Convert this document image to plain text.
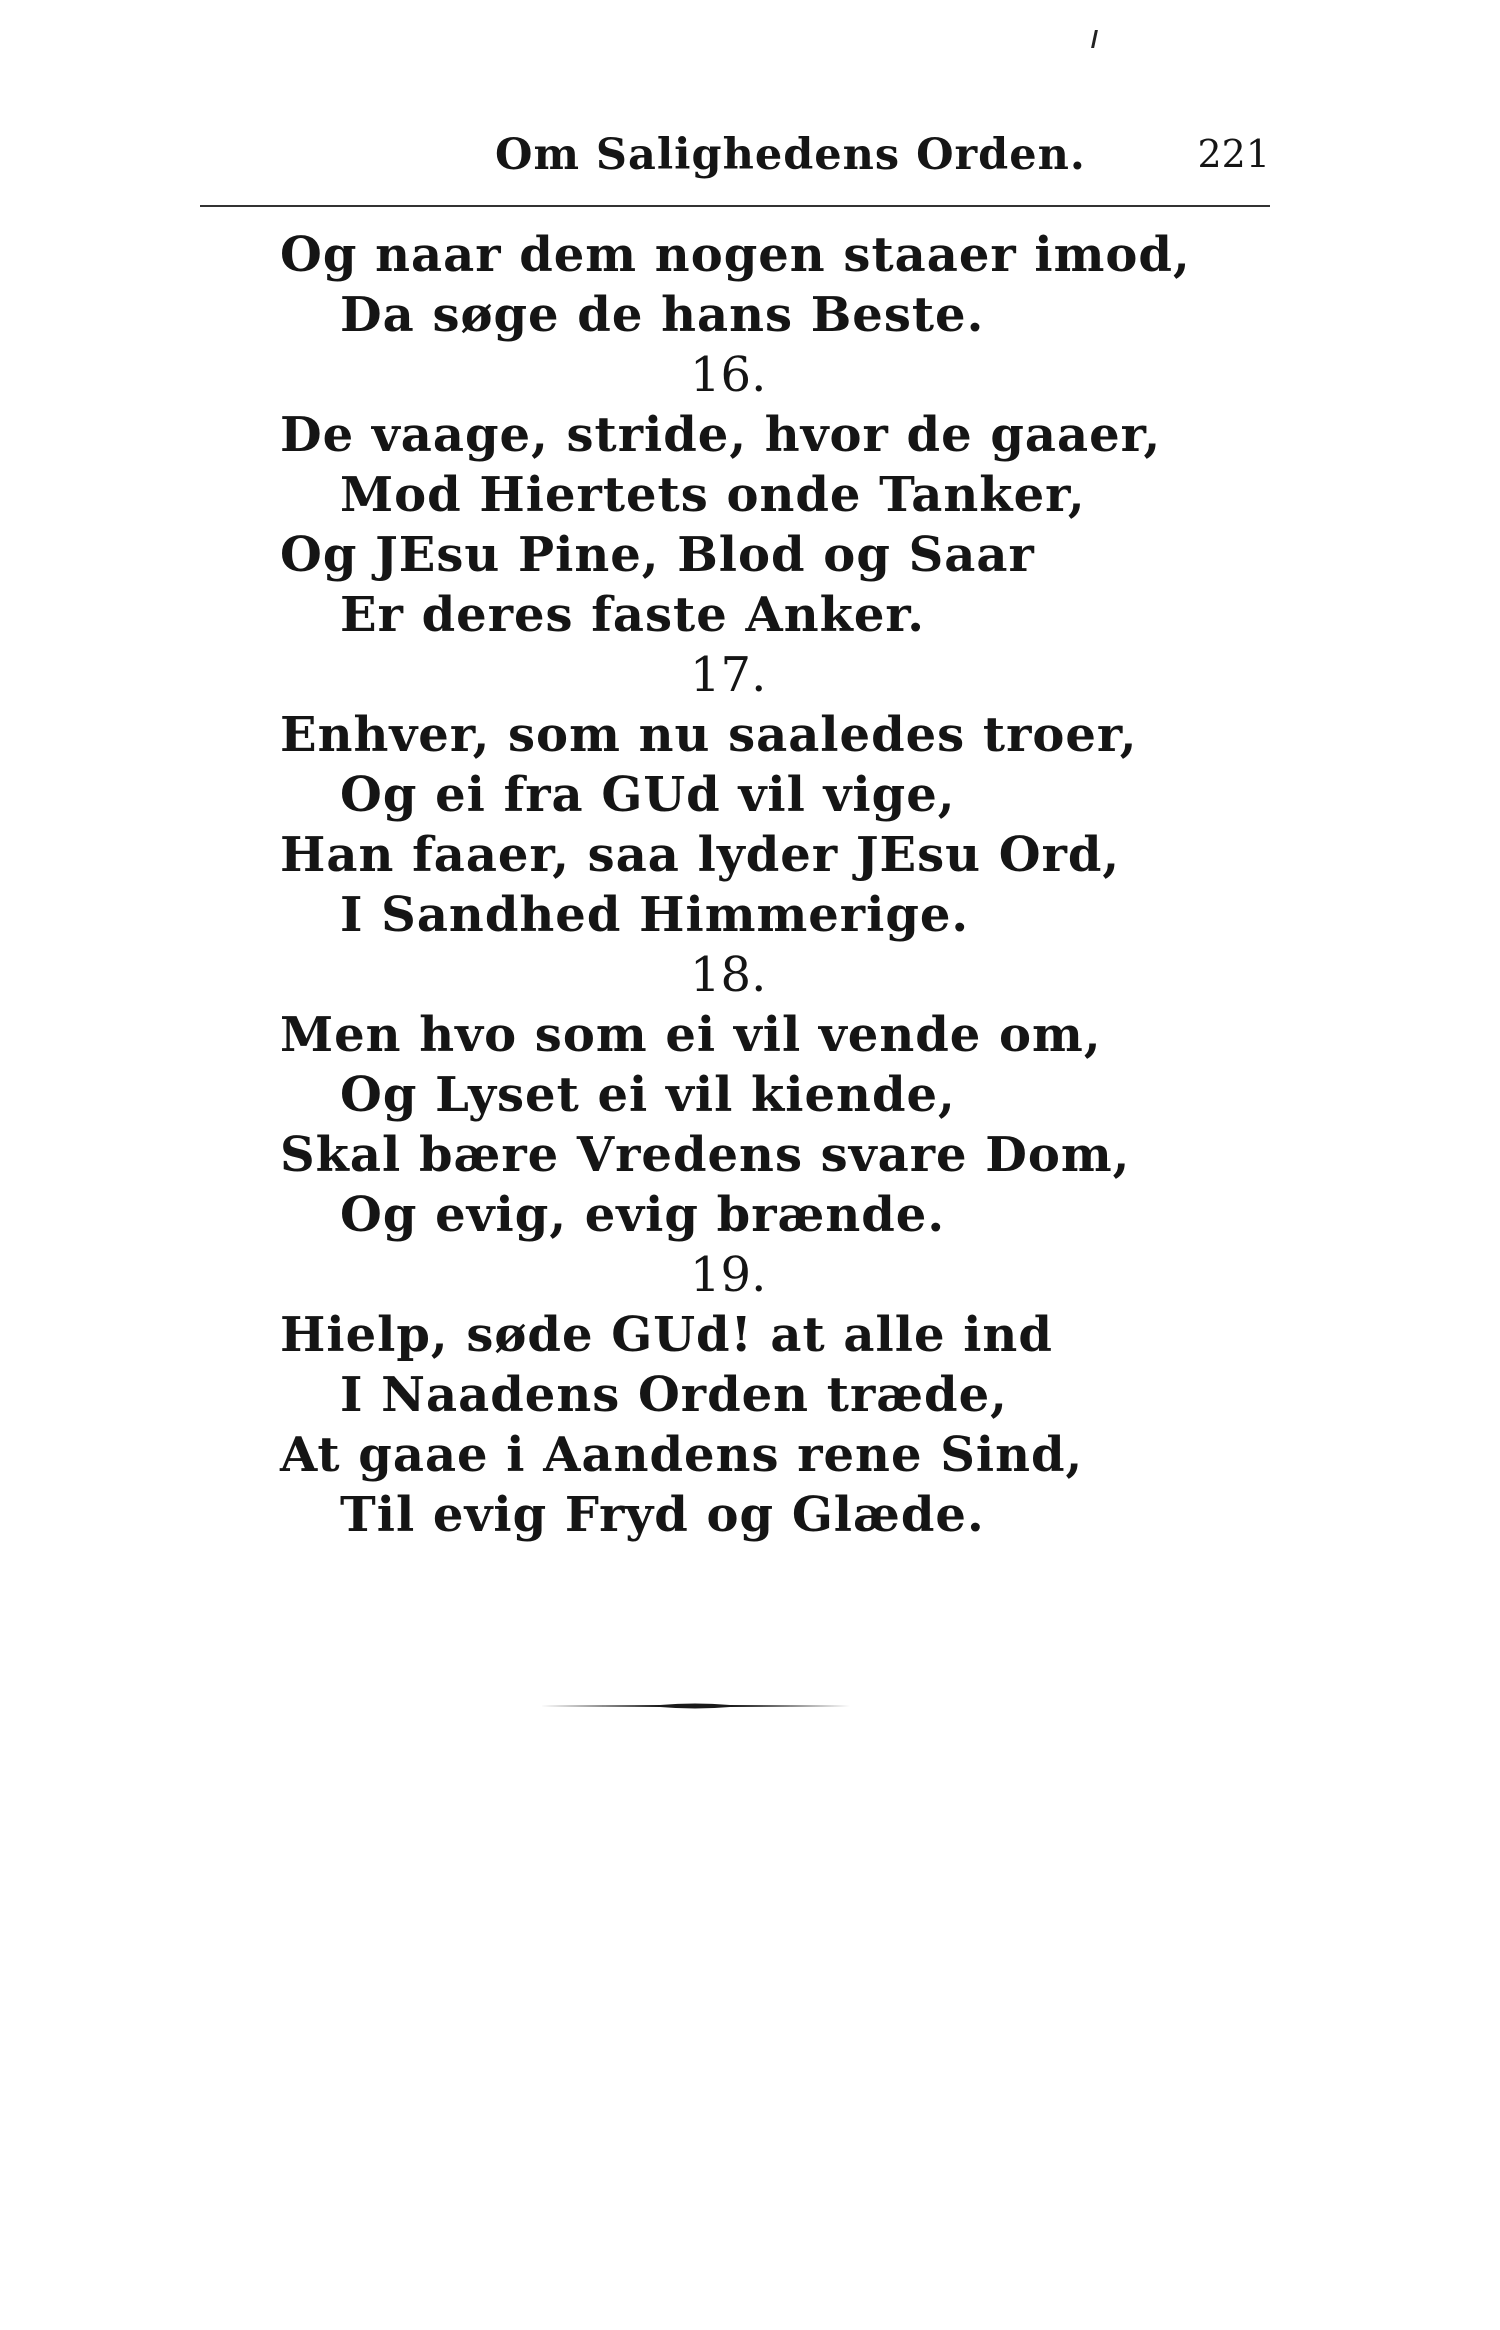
Om Salighedens Orden.	221
Og naar dem nogen staaer imod,
Da søge de hans Beste.
16.
De vaage, stride, hvor de gaaer,
Mod Hiertets onde Tanker,
Og JEsu Pine, Blod og Saar
Er deres faste Anker.
17.
Enhver, som nu saaledes troer,
Og ei fra GUd vil vige,
Han faaer, saa lyder JEsu Ord,
I Sandhed Himmerige.
18.
Men hvo som ei vil vende om,
Og Lyset ei vil kiende,
Skal bære Vredens svare Dom,
Og evig, evig brænde.
19.
Hielp, søde GUd! at alle ind
I Naadens Orden træde,
At gaae i Aandens rene Sind,
Til evig Fryd og Glæde.
